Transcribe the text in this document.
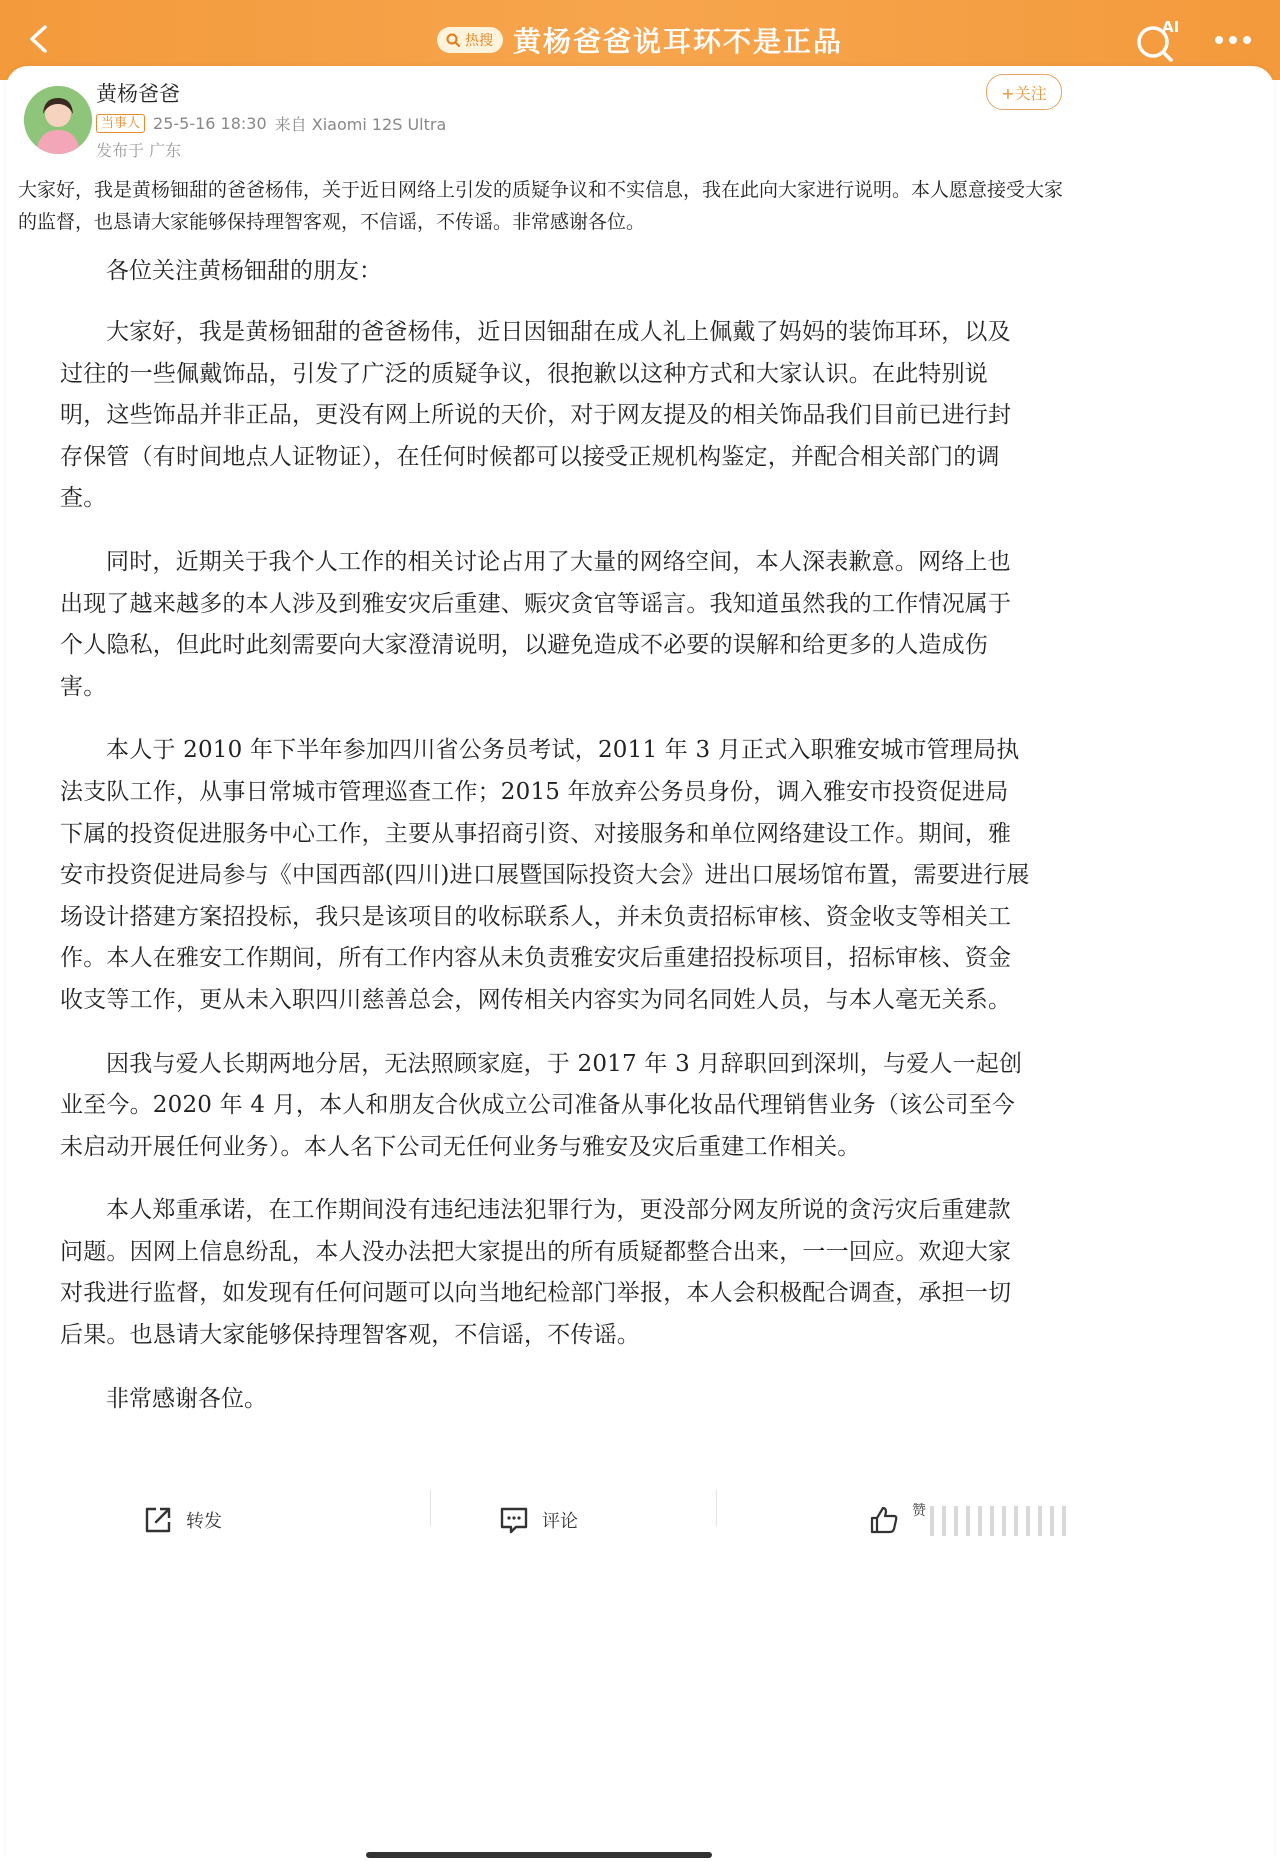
热搜 黄杨爸爸说耳环不是正品	AI
黄杨爸爸
当事人 25-5-16 18:30 来自 Xiaomi 12S Ultra
发布于 广东
+关注

大家好，我是黄杨钿甜的爸爸杨伟，关于近日网络上引发的质疑争议和不实信息，我在此向大家进行说明。本人愿意接受大家的监督，也恳请大家能够保持理智客观，不信谣，不传谣。非常感谢各位。

各位关注黄杨钿甜的朋友：

大家好，我是黄杨钿甜的爸爸杨伟，近日因钿甜在成人礼上佩戴了妈妈的装饰耳环，以及过往的一些佩戴饰品，引发了广泛的质疑争议，很抱歉以这种方式和大家认识。在此特别说明，这些饰品并非正品，更没有网上所说的天价，对于网友提及的相关饰品我们目前已进行封存保管（有时间地点人证物证），在任何时候都可以接受正规机构鉴定，并配合相关部门的调查。

同时，近期关于我个人工作的相关讨论占用了大量的网络空间，本人深表歉意。网络上也出现了越来越多的本人涉及到雅安灾后重建、赈灾贪官等谣言。我知道虽然我的工作情况属于个人隐私，但此时此刻需要向大家澄清说明，以避免造成不必要的误解和给更多的人造成伤害。

本人于 2010 年下半年参加四川省公务员考试，2011 年 3 月正式入职雅安城市管理局执法支队工作，从事日常城市管理巡查工作；2015 年放弃公务员身份，调入雅安市投资促进局下属的投资促进服务中心工作，主要从事招商引资、对接服务和单位网络建设工作。期间，雅安市投资促进局参与《中国西部(四川)进口展暨国际投资大会》进出口展场馆布置，需要进行展场设计搭建方案招投标，我只是该项目的收标联系人，并未负责招标审核、资金收支等相关工作。本人在雅安工作期间，所有工作内容从未负责雅安灾后重建招投标项目，招标审核、资金收支等工作，更从未入职四川慈善总会，网传相关内容实为同名同姓人员，与本人毫无关系。

因我与爱人长期两地分居，无法照顾家庭，于 2017 年 3 月辞职回到深圳，与爱人一起创业至今。2020 年 4 月，本人和朋友合伙成立公司准备从事化妆品代理销售业务（该公司至今未启动开展任何业务）。本人名下公司无任何业务与雅安及灾后重建工作相关。

本人郑重承诺，在工作期间没有违纪违法犯罪行为，更没部分网友所说的贪污灾后重建款问题。因网上信息纷乱，本人没办法把大家提出的所有质疑都整合出来，一一回应。欢迎大家对我进行监督，如发现有任何问题可以向当地纪检部门举报，本人会积极配合调查，承担一切后果。也恳请大家能够保持理智客观，不信谣，不传谣。

非常感谢各位。

转发	评论	赞
